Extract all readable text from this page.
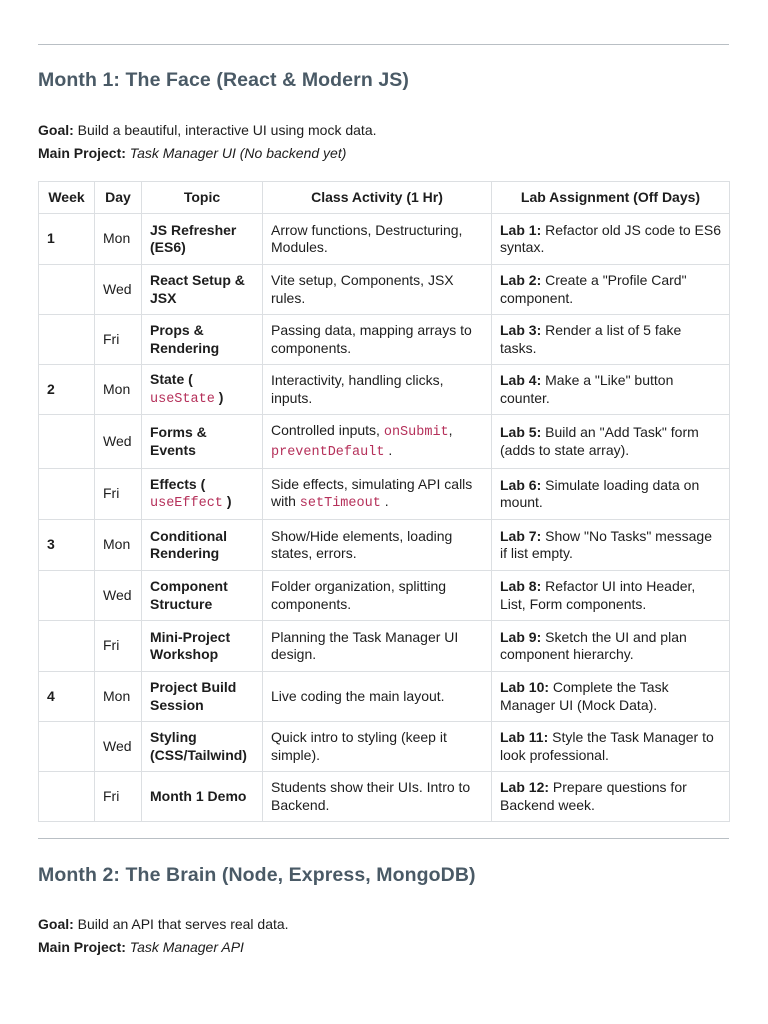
Month 1: The Face (React & Modern JS)
Goal: Build a beautiful, interactive UI using mock data.
Main Project: Task Manager UI (No backend yet)
Week	Day	Topic	Class Activity (1 Hr)	Lab Assignment (Off Days)
1	Mon	JS Refresher (ES6)	Arrow functions, Destructuring, Modules.	Lab 1: Refactor old JS code to ES6 syntax.
	Wed	React Setup & JSX	Vite setup, Components, JSX rules.	Lab 2: Create a "Profile Card" component.
	Fri	Props & Rendering	Passing data, mapping arrays to components.	Lab 3: Render a list of 5 fake tasks.
2	Mon	State ( useState )	Interactivity, handling clicks, inputs.	Lab 4: Make a "Like" button counter.
	Wed	Forms & Events	Controlled inputs, onSubmit, preventDefault .	Lab 5: Build an "Add Task" form (adds to state array).
	Fri	Effects ( useEffect )	Side effects, simulating API calls with setTimeout .	Lab 6: Simulate loading data on mount.
3	Mon	Conditional Rendering	Show/Hide elements, loading states, errors.	Lab 7: Show "No Tasks" message if list empty.
	Wed	Component Structure	Folder organization, splitting components.	Lab 8: Refactor UI into Header, List, Form components.
	Fri	Mini-Project Workshop	Planning the Task Manager UI design.	Lab 9: Sketch the UI and plan component hierarchy.
4	Mon	Project Build Session	Live coding the main layout.	Lab 10: Complete the Task Manager UI (Mock Data).
	Wed	Styling (CSS/Tailwind)	Quick intro to styling (keep it simple).	Lab 11: Style the Task Manager to look professional.
	Fri	Month 1 Demo	Students show their UIs. Intro to Backend.	Lab 12: Prepare questions for Backend week.
Month 2: The Brain (Node, Express, MongoDB)
Goal: Build an API that serves real data.
Main Project: Task Manager API
